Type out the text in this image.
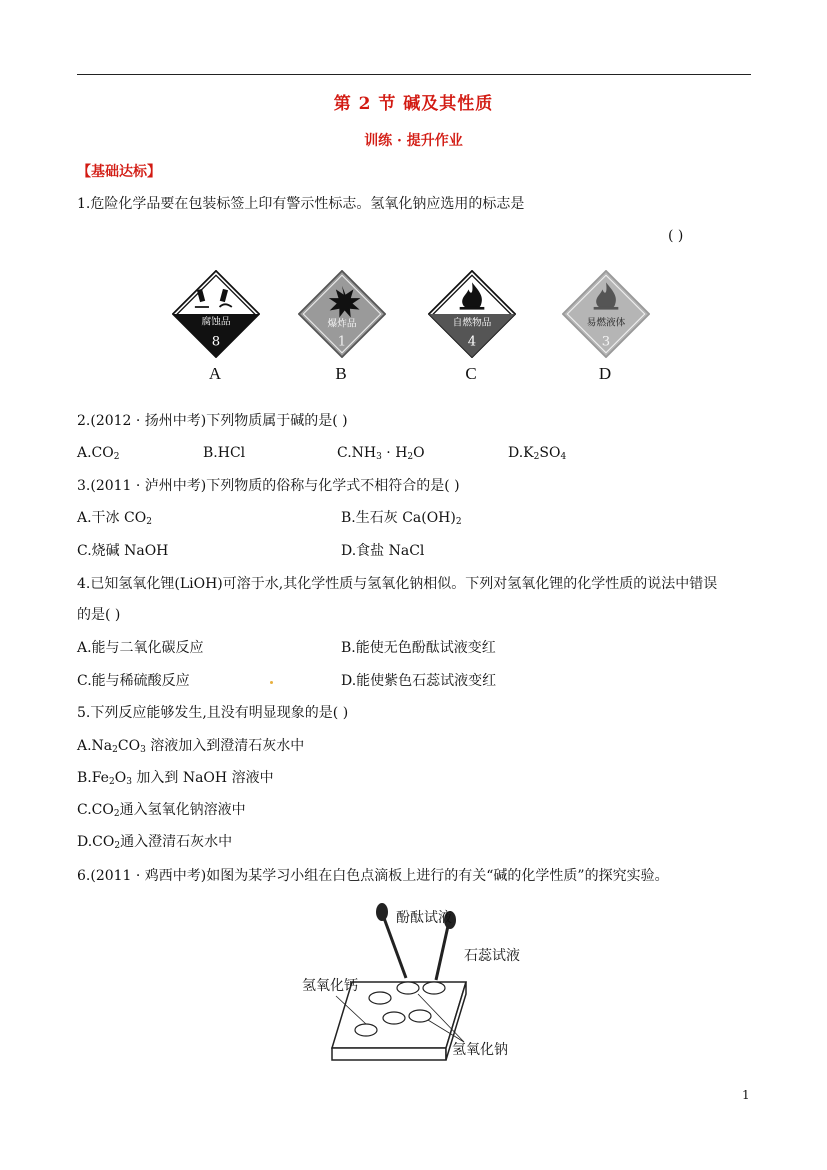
第 2 节 碱及其性质
训练 · 提升作业
【基础达标】
1.危险化学品要在包装标签上印有警示性标志。氢氧化钠应选用的标志是
( )
腐蚀品
8
A
爆炸品
1
B
自燃物品
4
C
易燃液体
3
D
2.(2012 · 扬州中考)下列物质属于碱的是( )
$A.CO_2$	B.HCl	$C.NH_3 \cdot H_2O$	$D.K_2SO_4$
3.(2011 · 泸州中考)下列物质的俗称与化学式不相符合的是( )
A.干冰 $CO_2$	B.生石灰 $Ca(OH)_2$
C.烧碱 NaOH	D.食盐 NaCl
4.已知氢氧化锂(LiOH)可溶于水,其化学性质与氢氧化钠相似。下列对氢氧化锂的化学性质的说法中错误
的是( )
A.能与二氧化碳反应	B.能使无色酚酞试液变红
C.能与稀硫酸反应	D.能使紫色石蕊试液变红
5.下列反应能够发生,且没有明显现象的是( )
$A.Na_2CO_3$ 溶液加入到澄清石灰水中
$B.Fe_2O_3$ 加入到 NaOH 溶液中
$C.CO_2$通入氢氧化钠溶液中
$D.CO_2$通入澄清石灰水中
6.(2011 · 鸡西中考)如图为某学习小组在白色点滴板上进行的有关“碱的化学性质”的探究实验。
酚酞试液
石蕊试液
氢氧化钙
氢氧化钠
1
